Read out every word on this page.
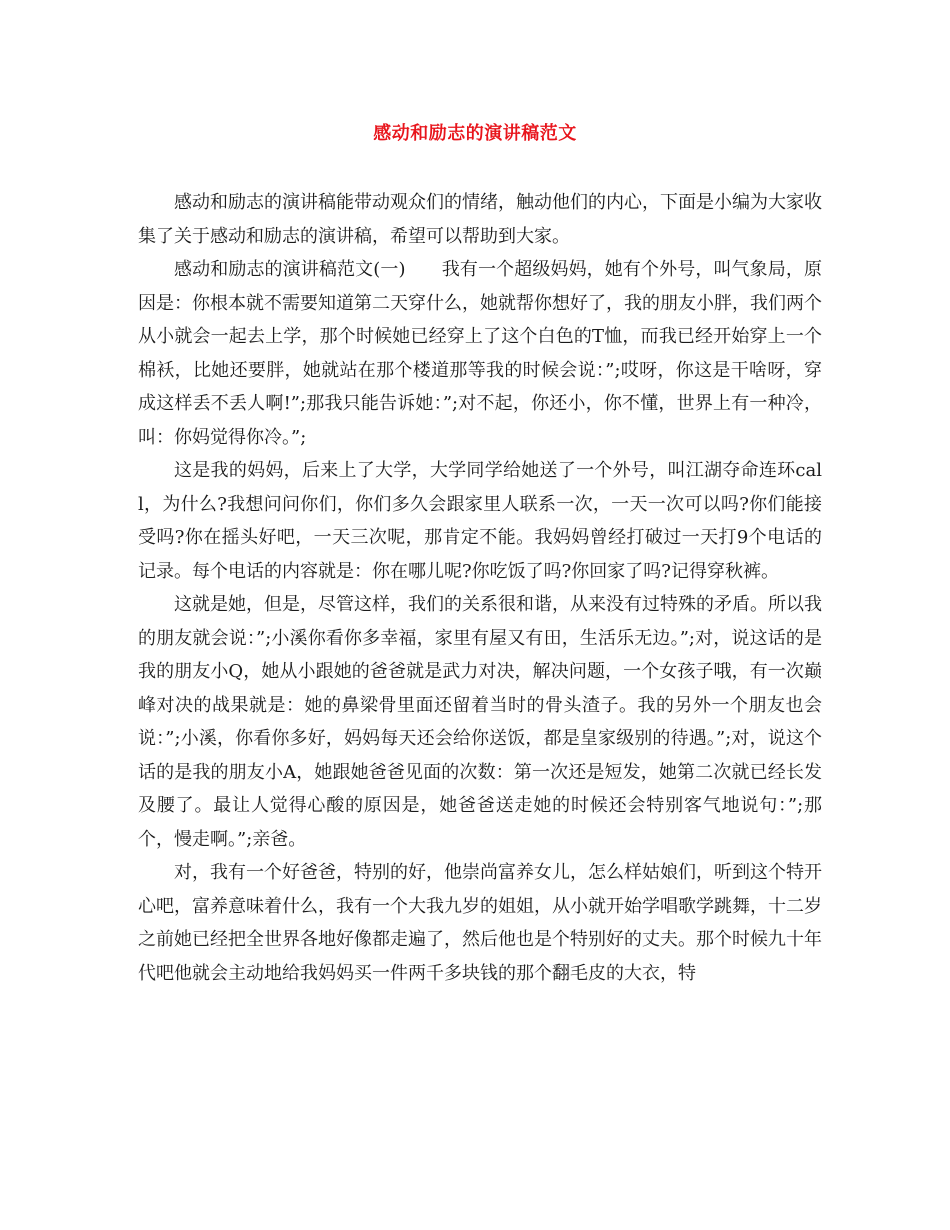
感动和励志的演讲稿范文

感动和励志的演讲稿能带动观众们的情绪，触动他们的内心，下面是小编为大家收集了关于感动和励志的演讲稿，希望可以帮助到大家。

感动和励志的演讲稿范文(一)　　我有一个超级妈妈，她有个外号，叫气象局，原因是：你根本就不需要知道第二天穿什么，她就帮你想好了，我的朋友小胖，我们两个从小就会一起去上学，那个时候她已经穿上了这个白色的T恤，而我已经开始穿上一个棉袄，比她还要胖，她就站在那个楼道那等我的时候会说：”;哎呀，你这是干啥呀，穿成这样丢不丢人啊!”;那我只能告诉她：”;对不起，你还小，你不懂，世界上有一种冷，叫：你妈觉得你冷。”;

这是我的妈妈，后来上了大学，大学同学给她送了一个外号，叫江湖夺命连环call，为什么?我想问问你们，你们多久会跟家里人联系一次，一天一次可以吗?你们能接受吗?你在摇头好吧，一天三次呢，那肯定不能。我妈妈曾经打破过一天打9个电话的记录。每个电话的内容就是：你在哪儿呢?你吃饭了吗?你回家了吗?记得穿秋裤。

这就是她，但是，尽管这样，我们的关系很和谐，从来没有过特殊的矛盾。所以我的朋友就会说：”;小溪你看你多幸福，家里有屋又有田，生活乐无边。”;对，说这话的是我的朋友小Q，她从小跟她的爸爸就是武力对决，解决问题，一个女孩子哦，有一次巅峰对决的战果就是：她的鼻梁骨里面还留着当时的骨头渣子。我的另外一个朋友也会说：”;小溪，你看你多好，妈妈每天还会给你送饭，都是皇家级别的待遇。”;对，说这个话的是我的朋友小A，她跟她爸爸见面的次数：第一次还是短发，她第二次就已经长发及腰了。最让人觉得心酸的原因是，她爸爸送走她的时候还会特别客气地说句：”;那个，慢走啊。”;亲爸。

对，我有一个好爸爸，特别的好，他崇尚富养女儿，怎么样姑娘们，听到这个特开心吧，富养意味着什么，我有一个大我九岁的姐姐，从小就开始学唱歌学跳舞，十二岁之前她已经把全世界各地好像都走遍了，然后他也是个特别好的丈夫。那个时候九十年代吧他就会主动地给我妈妈买一件两千多块钱的那个翻毛皮的大衣，特
